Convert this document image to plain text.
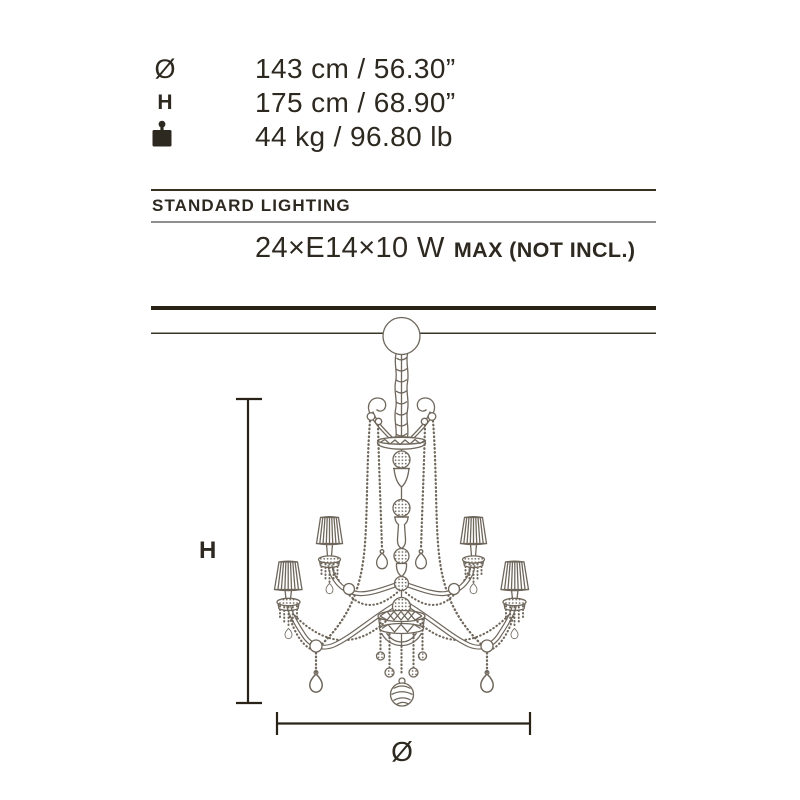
Ø	143 cm / 56.30”
H	175 cm / 68.90”
44 kg / 96.80 lb
STANDARD LIGHTING
24×E14×10 W MAX (NOT INCL.)
H
Ø
